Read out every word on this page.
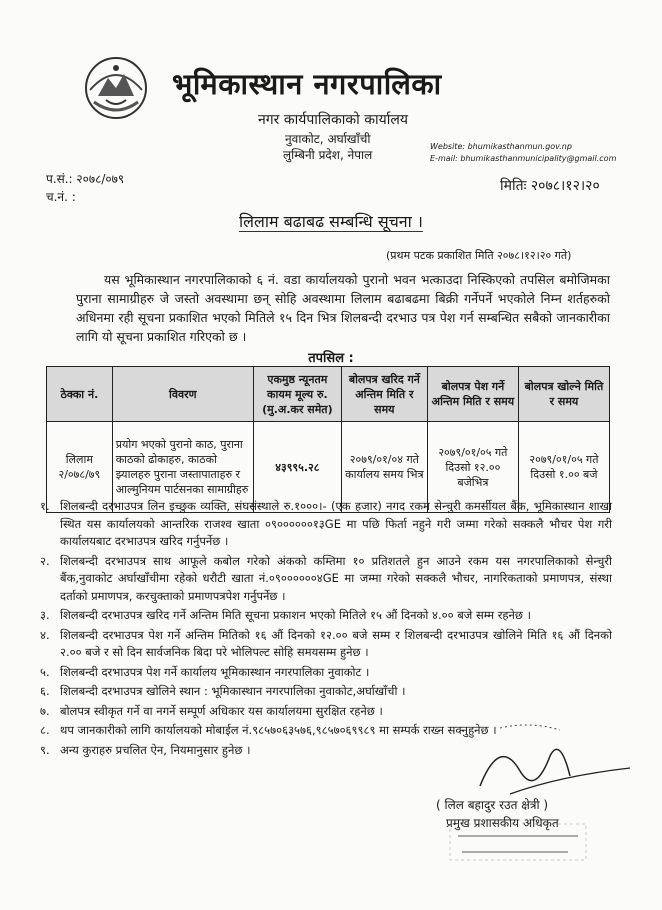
भूमिकास्थान नगरपालिका
नगर कार्यपालिकाको कार्यालय
नुवाकोट, अर्घाखाँची
लुम्बिनी प्रदेश, नेपाल
Website: bhumikasthanmun.gov.np
E-mail: bhumikasthanmunicipality@gmail.com
प.सं.: २०७८/०७९
च.नं. :
मितिः २०७८।१२।२०
लिलाम बढाबढ सम्बन्धि सूचना ।
(प्रथम पटक प्रकाशित मिति २०७८।१२।२० गते)

यस भूमिकास्थान नगरपालिकाको ६ नं. वडा कार्यालयको पुरानो भवन भत्काउदा निस्किएको तपसिल बमोजिमका पुराना सामाग्रीहरु जे जस्तो अवस्थामा छन् सोहि अवस्थामा लिलाम बढाबढमा बिक्री गर्नेपर्ने भएकोले निम्न शर्तहरुको अधिनमा रही सूचना प्रकाशित भएको मितिले १५ दिन भित्र शिलबन्दी दरभाउ पत्र पेश गर्न सम्बन्धित सबैको जानकारीका लागि यो सूचना प्रकाशित गरिएको छ ।

तपसिल :
ठेक्का नं.	विवरण	एकमुष्ठ न्यूनतम कायम मूल्य रु. (मु.अ.कर समेत)	बोलपत्र खरिद गर्ने अन्तिम मिति र समय	बोलपत्र पेश गर्ने अन्तिम मिति र समय	बोलपत्र खोल्ने मिति र समय
लिलाम २/०७८/७९	प्रयोग भएको पुरानो काठ, पुराना काठको ढोकाहरु, काठको झ्यालहरु पुराना जस्तापाताहरु र आल्मुनियम पार्टसनका सामाग्रीहरु	४३९९५.२८	२०७९/०१/०४ गते कार्यालय समय भित्र	२०७९/०१/०५ गते दिउसो १२.०० बजेभित्र	२०७९/०१/०५ गते दिउसो १.०० बजे
१. शिलबन्दी दरभाउपत्र लिन इच्छुक व्यक्ति, संघसंस्थाले रु.१०००।- (एक हजार) नगद रकम सेन्चुरी कमर्सीयल बैंक, भूमिकास्थान शाखा स्थित यस कार्यालयको आन्तरिक राजश्व खाता ०९००००००१३GE मा पछि फिर्ता नहुने गरी जम्मा गरेको सक्कलै भौचर पेश गरी कार्यालयबाट दरभाउपत्र खरिद गर्नुपर्नेछ ।
२. शिलबन्दी दरभाउपत्र साथ आफूले कबोल गरेको अंकको कम्तिमा १० प्रतिशतले हुन आउने रकम यस नगरपालिकाको सेन्चुरी बैंक,नुवाकोट अर्घाखाँचीमा रहेको धरौटी खाता नं.०९००००००४GE मा जम्मा गरेको सक्कलै भौचर, नागरिकताको प्रमाणपत्र, संस्था दर्ताको प्रमाणपत्र, करचुक्ताको प्रमाणपत्रपेश गर्नुपर्नेछ ।
३. शिलबन्दी दरभाउपत्र खरिद गर्ने अन्तिम मिति सूचना प्रकाशन भएको मितिले १५ औं दिनको ४.०० बजे सम्म रहनेछ ।
४. शिलबन्दी दरभाउपत्र पेश गर्ने अन्तिम मितिको १६ औं दिनको १२.०० बजे सम्म र शिलबन्दी दरभाउपत्र खोलिने मिति १६ औं दिनको २.०० बजे र सो दिन सार्वजनिक बिदा परे भोलिपल्ट सोहि समयसम्म हुनेछ ।
५. शिलबन्दी दरभाउपत्र पेश गर्ने कार्यालय भूमिकास्थान नगरपालिका नुवाकोट ।
६. शिलबन्दी दरभाउपत्र खोलिने स्थान : भूमिकास्थान नगरपालिका नुवाकोट,अर्घाखाँची ।
७. बोलपत्र स्वीकृत गर्ने वा नगर्ने सम्पूर्ण अधिकार यस कार्यालयमा सुरक्षित रहनेछ ।
८. थप जानकारीको लागि कार्यालयको मोबाईल नं.९८५७०६३५७६,९८५७०६९९८९ मा सम्पर्क राख्न सक्नुहुनेछ ।
९. अन्य कुराहरु प्रचलित ऐन, नियमानुसार हुनेछ ।
( लिल बहादुर रउत क्षेत्री )
प्रमुख प्रशासकीय अधिकृत
